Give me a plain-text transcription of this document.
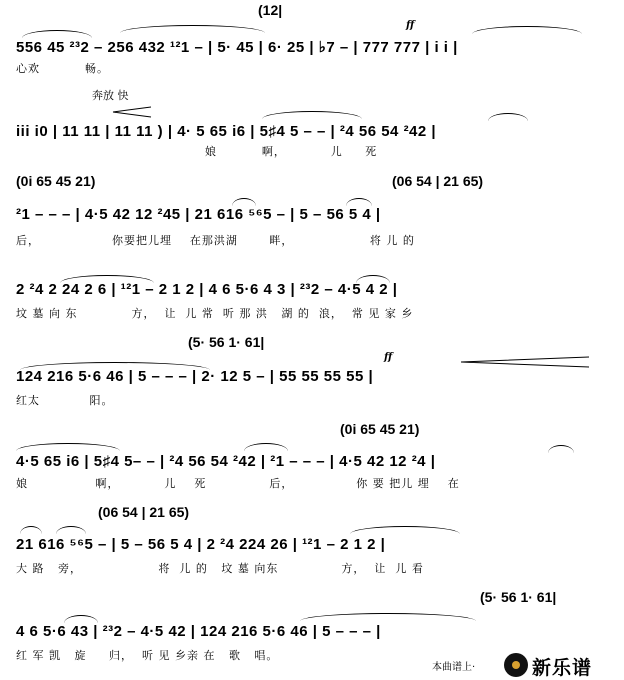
(12|
ff
556 45 ²³2 – 256 432 ¹²1 – | 5· 45 | 6· 25 | ♭7 – | 777 777 | i i |
心欢          畅。
奔放 快
iii i0 | 11 11 | 11 11 ) | 4· 5 65 i6 | 5♯4 5 – – | ²4 56 54 ²42 |
娘          啊，          儿     死
(0i 65 45 21)	(06 54 | 21 65)
²1 – – – | 4·5 42 12 ²45 | 21 616 ⁵⁶5 – | 5 – 56 5 4 |
后，                你要把儿埋    在那洪湖       畔，                 将 儿 的
2 ²4 2 24 2 6 | ¹²1 – 2 1 2 | 4 6 5·6 4 3 | ²³2 – 4·5 4 2 |
坟 墓 向 东            方，  让  儿 常  听 那 洪   湖 的  浪，  常 见 家 乡
(5· 56 1· 61|
ff
124 216 5·6 46 | 5 – – – | 2· 12 5 – | 55 55 55 55 |
红太           阳。
(0i 65 45 21)
4·5 65 i6 | 5♯4 5– – | ²4 56 54 ²42 | ²1 – – – | 4·5 42 12 ²4 |
娘               啊，          儿    死              后，              你 要 把儿 埋    在
(06 54 | 21 65)
21 616 ⁵⁶5 – | 5 – 56 5 4 | 2 ²4 224 26 | ¹²1 – 2 1 2 |
大 路   旁，                 将  儿 的   坟 墓 向东              方，  让  儿 看
(5· 56 1· 61|
4 6 5·6 43 | ²³2 – 4·5 42 | 124 216 5·6 46 | 5 – – – |
红 军 凯   旋     归，  听 见 乡亲 在   歌   唱。
本曲谱上·	新乐谱
